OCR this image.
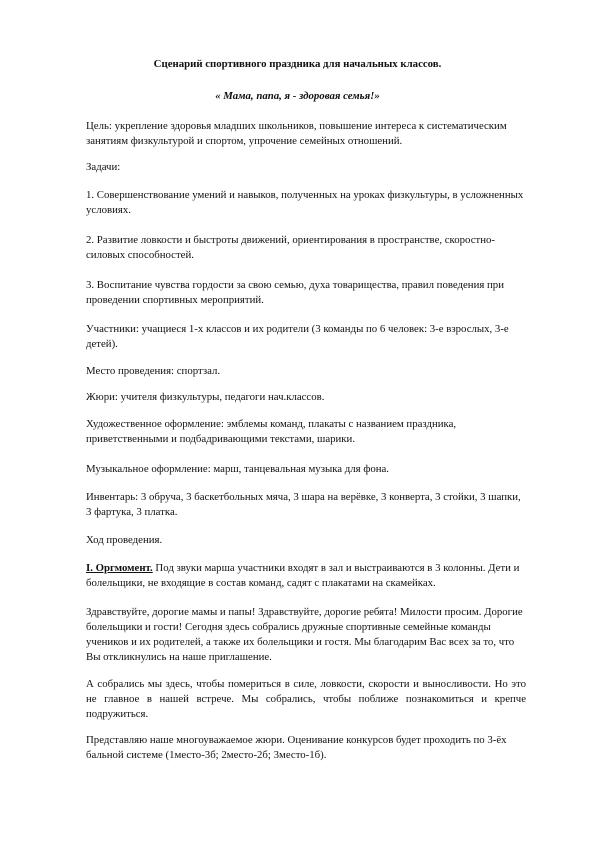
Сценарий спортивного праздника для начальных классов.
« Мама, папа, я - здоровая семья!»

Цель: укрепление здоровья младших школьников, повышение интереса к систематическим занятиям физкультурой и спортом, упрочение семейных отношений.

Задачи:

1. Совершенствование умений и навыков, полученных на уроках физкультуры, в усложненных условиях.

2. Развитие ловкости и быстроты движений, ориентирования в пространстве, скоростно-силовых способностей.

3. Воспитание чувства гордости за свою семью, духа товарищества, правил поведения при проведении спортивных мероприятий.

Участники: учащиеся 1-х классов и их родители (3 команды по 6 человек: 3-е взрослых, 3-е детей).

Место проведения: спортзал.

Жюри: учителя физкультуры, педагоги нач.классов.

Художественное оформление: эмблемы команд, плакаты с названием праздника, приветственными и подбадривающими текстами, шарики.

Музыкальное оформление: марш, танцевальная музыка для фона.

Инвентарь: 3 обруча, 3 баскетбольных мяча, 3 шара на верёвке, 3 конверта, 3 стойки, 3 шапки, 3 фартука, 3 платка.

Ход проведения.

I. Оргмомент. Под звуки марша участники входят в зал и выстраиваются в 3 колонны. Дети и болельщики, не входящие в состав команд, садят с плакатами на скамейках.

Здравствуйте, дорогие мамы и папы! Здравствуйте, дорогие ребята! Милости просим. Дорогие болельщики и гости! Сегодня здесь собрались дружные спортивные семейные команды учеников и их родителей, а также их болельщики и гостя. Мы благодарим Вас всех за то, что Вы откликнулись на наше приглашение.

А собрались мы здесь, чтобы помериться в силе, ловкости, скорости и выносливости. Но это не главное в нашей встрече. Мы собрались, чтобы поближе познакомиться и крепче подружиться.

Представляю наше многоуважаемое жюри. Оценивание конкурсов будет проходить по 3-ёх бальной системе (1место-3б; 2место-2б; 3место-1б).
